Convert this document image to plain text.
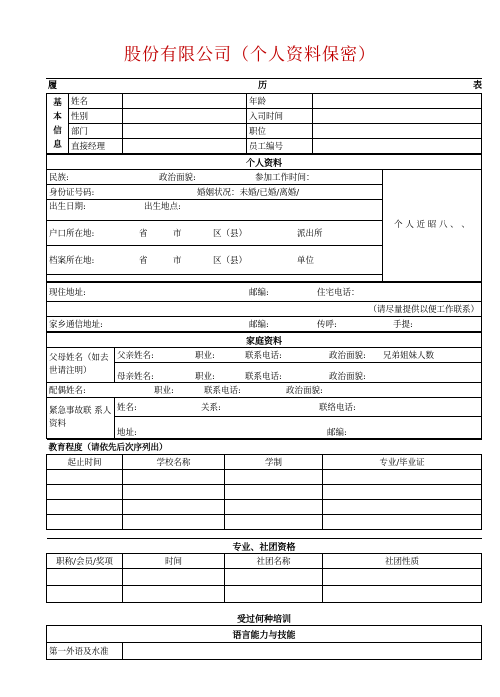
股份有限公司（个人资料保密）
履	历	表
基
本
信
息	姓名		年龄	
	性别		入司时间	
	部门		职位	
	直接经理		员工编号	
个人资料
民族:	政治面貌:	参加工作时间：	个 人 近 昭 八 、 、
身份证号码:	婚姻状况：未婚/已婚/离婚/
出生日期:	出生地点:
户口所在地:	省	市	区（县）	派出所
档案所在地:	省	市	区（县）	单位

现住地址:	邮编:	住宅电话：
（请尽量提供以便工作联系）
家乡通信地址:	邮编:	传呼:	手提:
家庭资料	
父母姓名（如去世请注明）	父亲姓名: 职业: 联系电话: 政治面貌: 兄弟姐妹人数
	母亲姓名: 职业: 联系电话: 政治面貌:
配偶姓名: 职业: 联系电话: 政治面貌:	
紧急事故联 系人资料	姓名: 关系: 联络电话:
	地址: 邮编:
教育程度（请依先后次序列出）			
起止时间	学校名称	学制	专业/毕业证

专业、社团资格			
职称/会员/奖项	时间	社团名称	社团性质

受过何种培训
语言能力与技能
第一外语及水准	
